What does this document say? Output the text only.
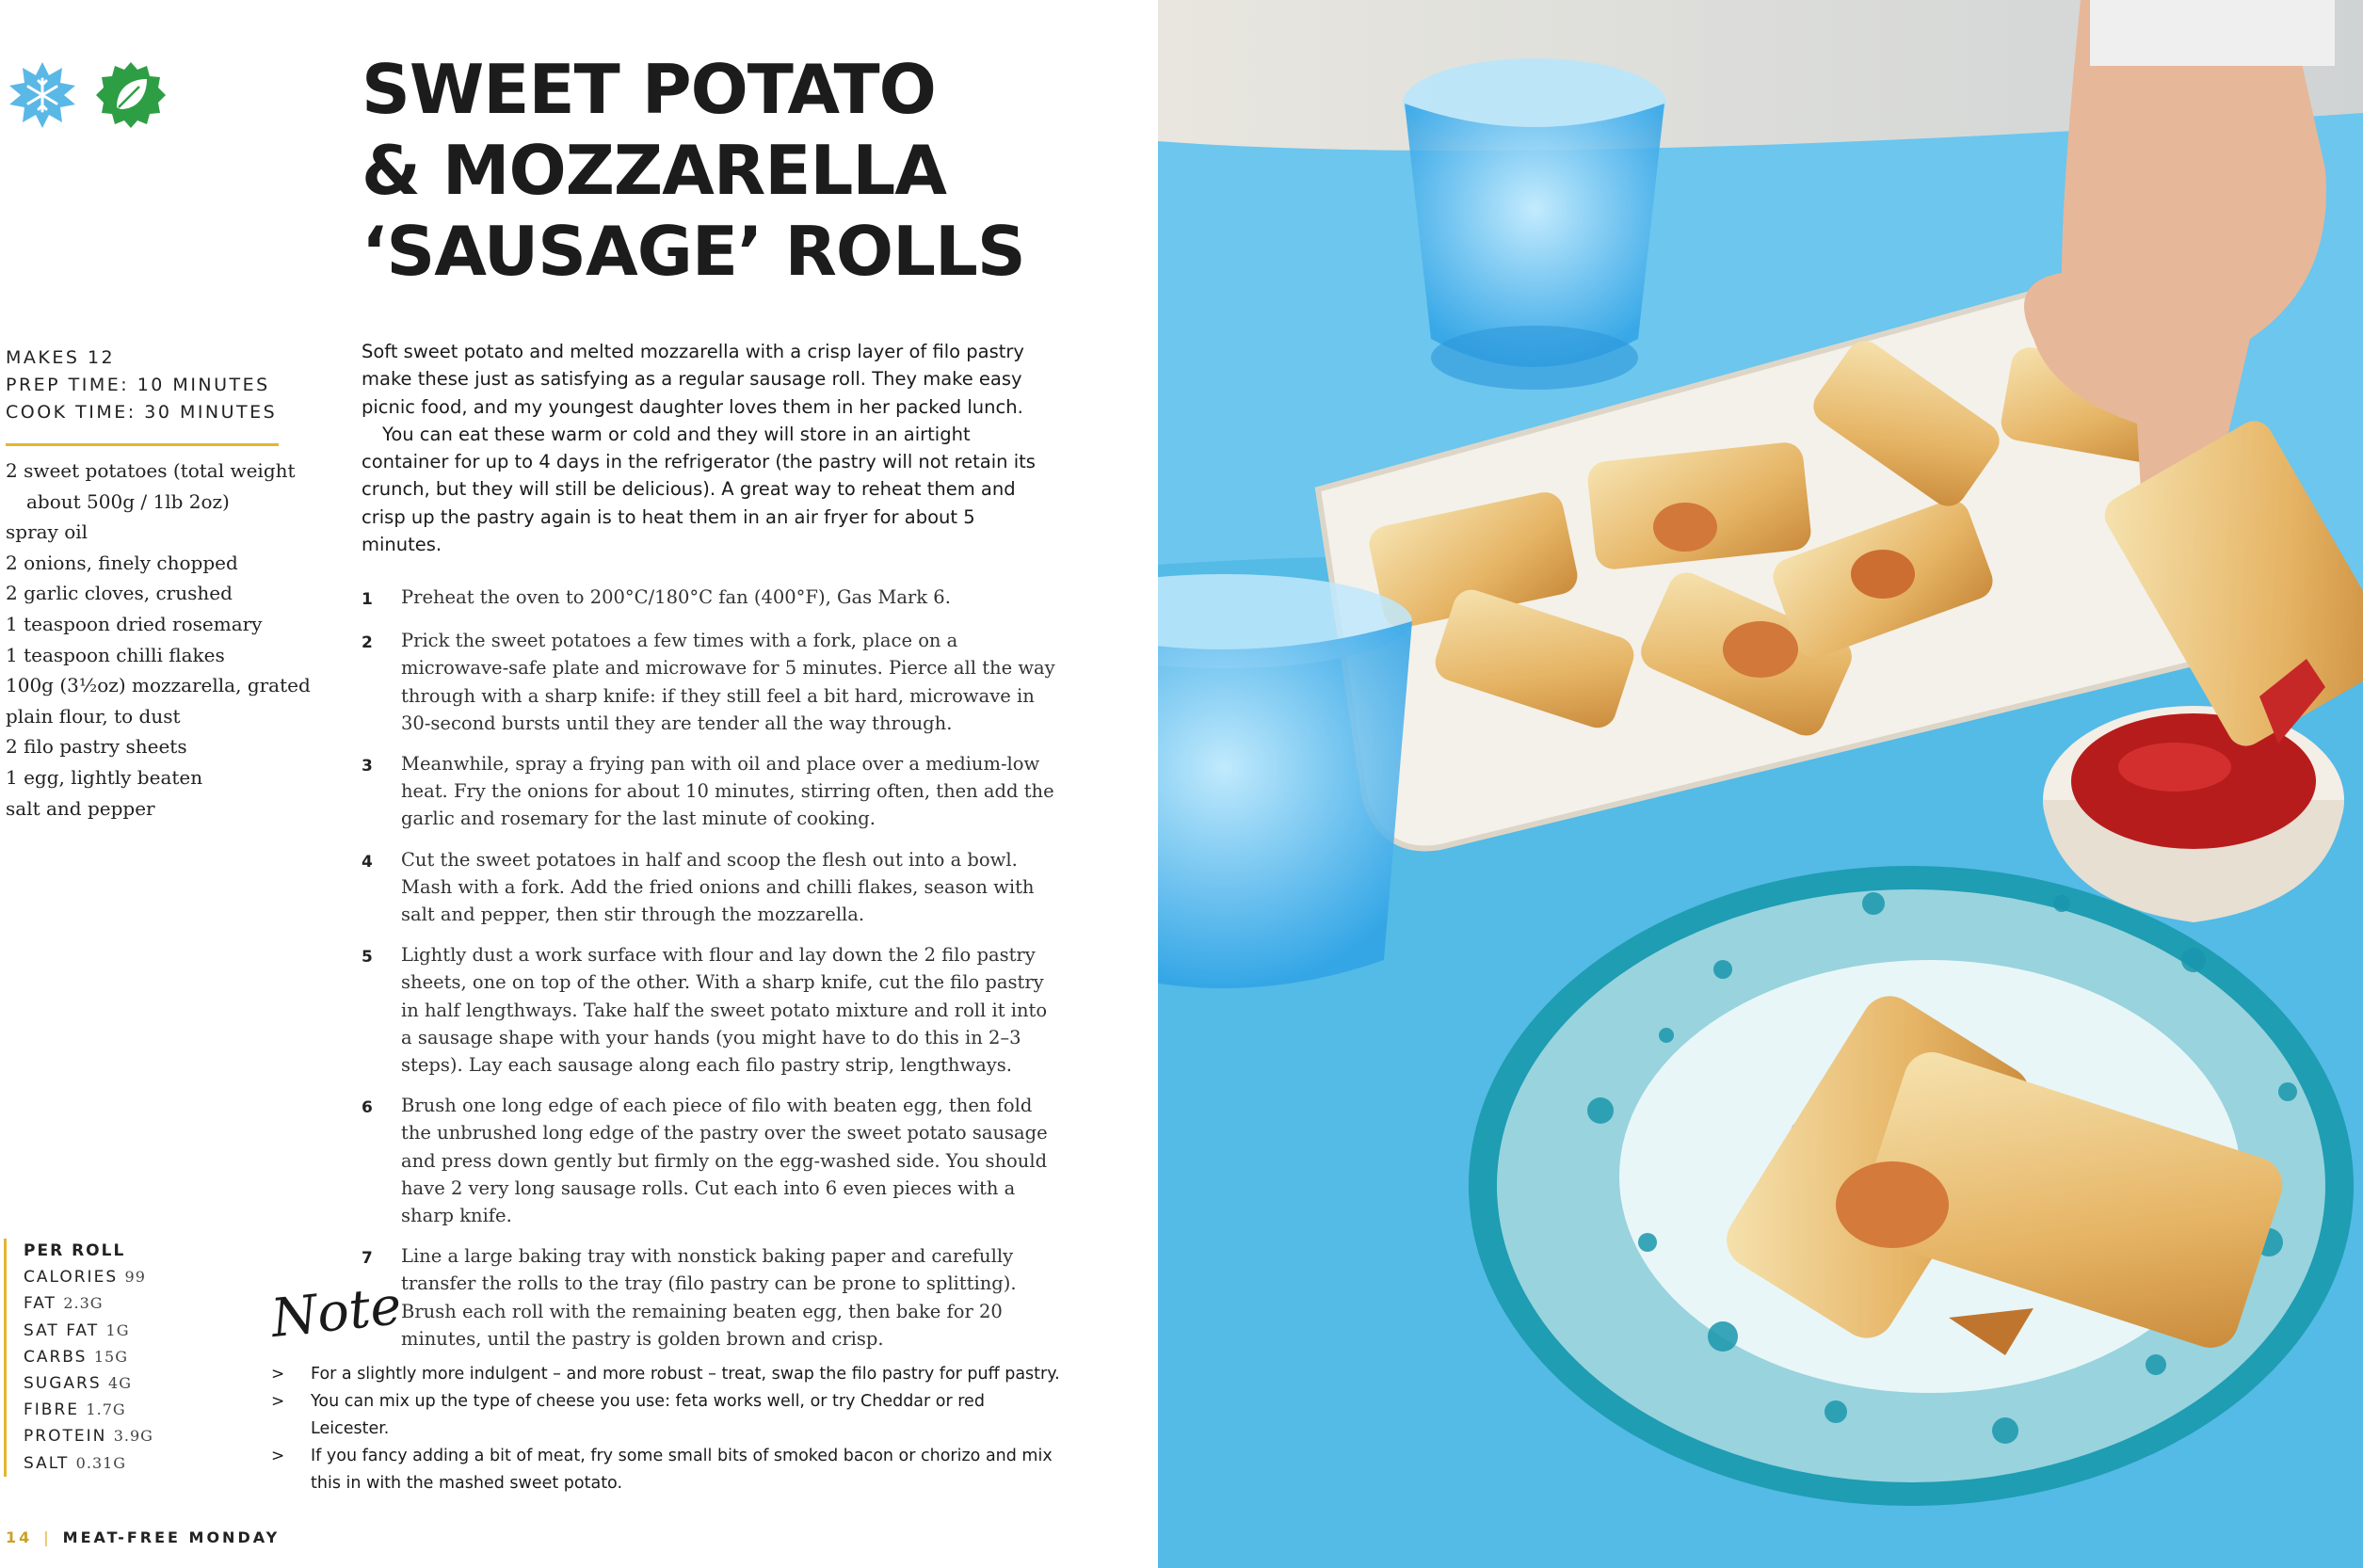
SWEET POTATO
& MOZZARELLA
‘SAUSAGE’ ROLLS
MAKES 12
PREP TIME: 10 MINUTES
COOK TIME: 30 MINUTES
2 sweet potatoes (total weight about 500g / 1lb 2oz)
spray oil
2 onions, finely chopped
2 garlic cloves, crushed
1 teaspoon dried rosemary
1 teaspoon chilli flakes
100g (3½oz) mozzarella, grated
plain flour, to dust
2 filo pastry sheets
1 egg, lightly beaten
salt and pepper

Soft sweet potato and melted mozzarella with a crisp layer of filo pastry make these just as satisfying as a regular sausage roll. They make easy picnic food, and my youngest daughter loves them in her packed lunch.

You can eat these warm or cold and they will store in an airtight container for up to 4 days in the refrigerator (the pastry will not retain its crunch, but they will still be delicious). A great way to reheat them and crisp up the pastry again is to heat them in an air fryer for about 5 minutes.

1	Preheat the oven to 200°C/180°C fan (400°F), Gas Mark 6.
2	Prick the sweet potatoes a few times with a fork, place on a microwave-safe plate and microwave for 5 minutes. Pierce all the way through with a sharp knife: if they still feel a bit hard, microwave in 30-second bursts until they are tender all the way through.
3	Meanwhile, spray a frying pan with oil and place over a medium-low heat. Fry the onions for about 10 minutes, stirring often, then add the garlic and rosemary for the last minute of cooking.
4	Cut the sweet potatoes in half and scoop the flesh out into a bowl. Mash with a fork. Add the fried onions and chilli flakes, season with salt and pepper, then stir through the mozzarella.
5	Lightly dust a work surface with flour and lay down the 2 filo pastry sheets, one on top of the other. With a sharp knife, cut the filo pastry in half lengthways. Take half the sweet potato mixture and roll it into a sausage shape with your hands (you might have to do this in 2–3 steps). Lay each sausage along each filo pastry strip, lengthways.
6	Brush one long edge of each piece of filo with beaten egg, then fold the unbrushed long edge of the pastry over the sweet potato sausage and press down gently but firmly on the egg-washed side. You should have 2 very long sausage rolls. Cut each into 6 even pieces with a sharp knife.
7	Line a large baking tray with nonstick baking paper and carefully transfer the rolls to the tray (filo pastry can be prone to splitting). Brush each roll with the remaining beaten egg, then bake for 20 minutes, until the pastry is golden brown and crisp.
Note
>	For a slightly more indulgent – and more robust – treat, swap the filo pastry for puff pastry.
>	You can mix up the type of cheese you use: feta works well, or try Cheddar or red Leicester.
>	If you fancy adding a bit of meat, fry some small bits of smoked bacon or chorizo and mix this in with the mashed sweet potato.
PER ROLL
CALORIES 99
FAT 2.3G
SAT FAT 1G
CARBS 15G
SUGARS 4G
FIBRE 1.7G
PROTEIN 3.9G
SALT 0.31G
14 | MEAT-FREE MONDAY
